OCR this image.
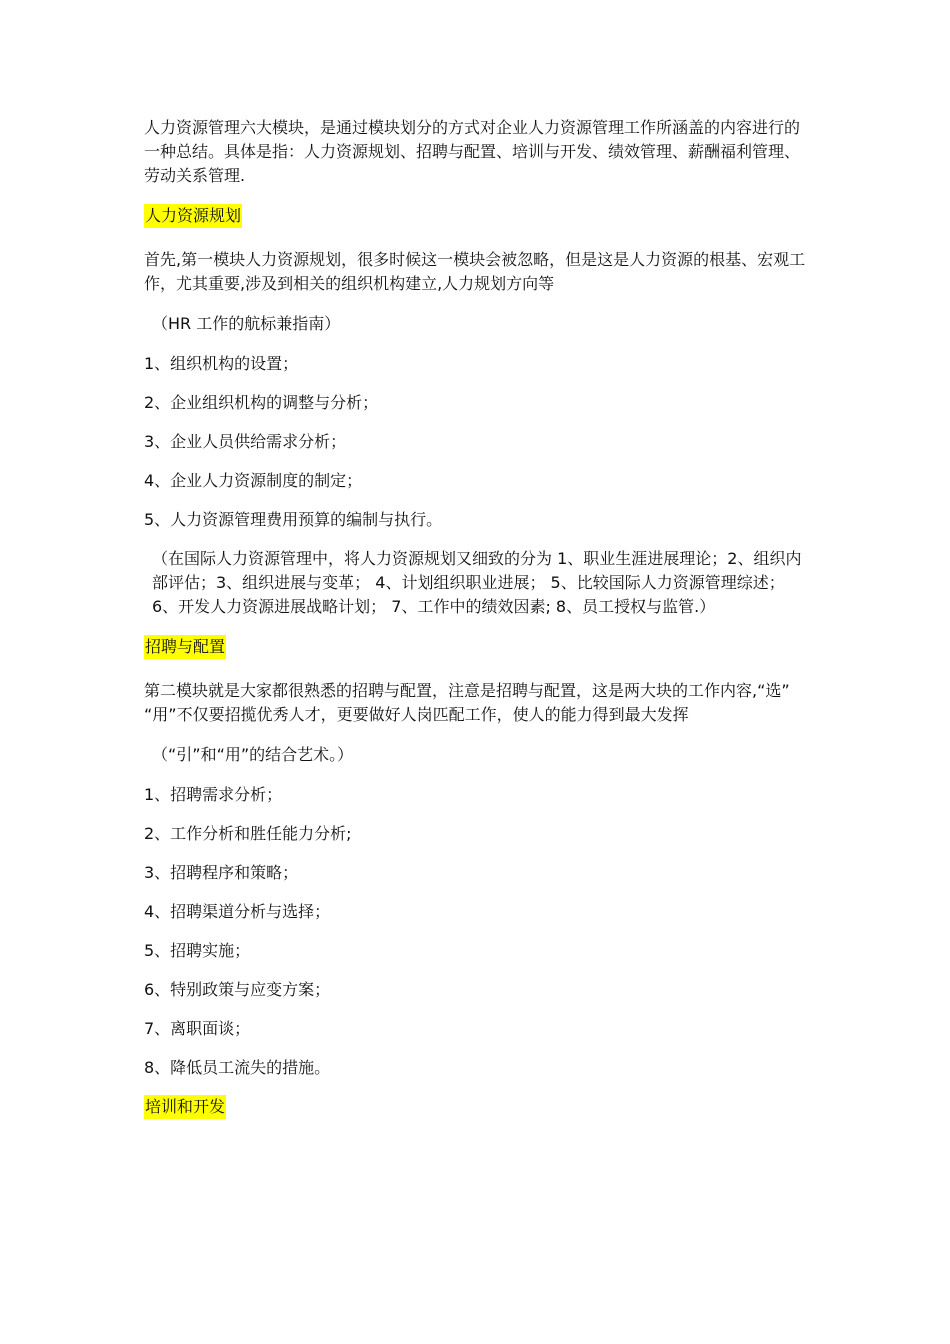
人力资源管理六大模块，是通过模块划分的方式对企业人力资源管理工作所涵盖的内容进行的一种总结。具体是指：人力资源规划、招聘与配置、培训与开发、绩效管理、薪酬福利管理、劳动关系管理.

人力资源规划

首先,第一模块人力资源规划，很多时候这一模块会被忽略，但是这是人力资源的根基、宏观工作，尤其重要,涉及到相关的组织机构建立,人力规划方向等

（HR 工作的航标兼指南）

1、组织机构的设置；

2、企业组织机构的调整与分析；

3、企业人员供给需求分析；

4、企业人力资源制度的制定；

5、人力资源管理费用预算的编制与执行。

（在国际人力资源管理中，将人力资源规划又细致的分为 1、职业生涯进展理论；2、组织内部评估；3、组织进展与变革； 4、计划组织职业进展； 5、比较国际人力资源管理综述； 6、开发人力资源进展战略计划； 7、工作中的绩效因素; 8、员工授权与监管.）

招聘与配置

第二模块就是大家都很熟悉的招聘与配置，注意是招聘与配置，这是两大块的工作内容,“选” “用”不仅要招揽优秀人才，更要做好人岗匹配工作，使人的能力得到最大发挥

（“引”和“用”的结合艺术。）

1、招聘需求分析；

2、工作分析和胜任能力分析;

3、招聘程序和策略；

4、招聘渠道分析与选择；

5、招聘实施；

6、特别政策与应变方案；

7、离职面谈；

8、降低员工流失的措施。

培训和开发
